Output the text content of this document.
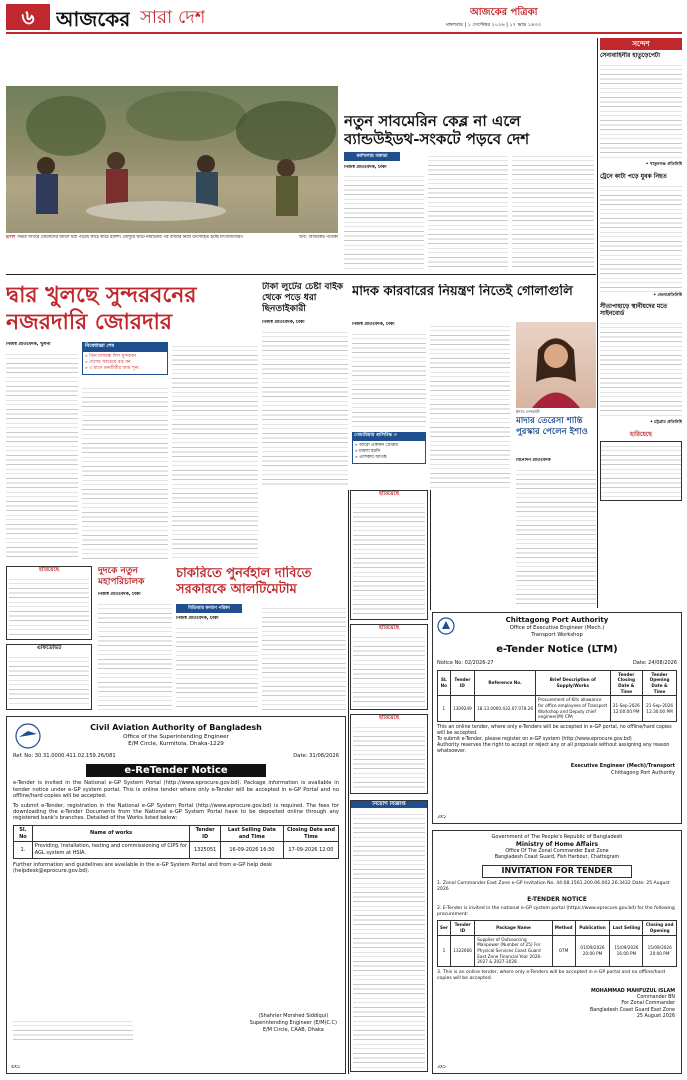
৬	আজকের সারা দেশ	আজকের পত্রিকা
মঙ্গলবার | ১ সেপ্টেম্বর ২০২৬ | ১৭ ভাদ্র ১৪৩৩
সন্দেশ
সেনাবাহিনীর হাতুড়েপেটা
• খাতুনগঞ্জ প্রতিনিধি
ট্রেনে কাটা পড়ে যুবক নিহত
• জেলাপ্রতিনিধি
সীতাপাহাড়ে স্থানীয়দের মতে সাইনবোর্ড
• চট্টগ্রাম প্রতিনিধি
হারিয়েছে
ইলিশ গভীর সাগরে জেলেদের জালে ধরা পড়ছে কাঁচে কাঁচে ইলিশ। মৌসুমে ঘাটে নামানোর পর বাজার নিয়ে উৎসাহিত হচ্ছে মৎস্যজীবীরা।	ছবি: আজকের পত্রিকা
নতুন সাবমেরিন কেব্ল না এলে
ব্যান্ডউইডথ-সংকটে পড়বে দেশ
কর্মশালায় বক্তারা
নিজস্ব প্রতিবেদক, ঢাকা
দ্বার খুলছে সুন্দরবনের
নজরদারি জোরদার
টাকা লুটের চেষ্টা বাইক থেকে পড়ে ধরা ছিনতাইকারী
নিজস্ব প্রতিবেদক, ঢাকা
মাদক কারবারের নিয়ন্ত্রণ নিতেই গোলাগুলি
নিজস্ব প্রতিবেদক, ঢাকা
গেন্ডারিয়ায় গুলিবিদ্ধ ৩
» আরো একজন গ্রেপ্তার
» মামলা হয়নি
» এলাকায় আতঙ্ক
ইশাও দেশকাস্ট
মাদার তেরেসা শান্তি পুরস্কার পেলেন ইশাও
বিনোদন প্রতিবেদক
নিজস্ব প্রতিবেদক, খুলনা	নিষেধাজ্ঞা শেষ
» তিন মাসবন্ধ দিল সুন্দরবন
» দেশের সবচেয়ে বড় বন
» ৩ মাসে বনজীবীর আয় শূন্য
হারিয়েছে
এফিডেভিট
দুদকে নতুন মহাপরিচালক
নিজস্ব প্রতিবেদক, ঢাকা
চাকরিতে পুনর্বহাল দাবিতে সরকারকে আলটিমেটাম
বিডিআর কল্যাণ পরিষদ
নিজস্ব প্রতিবেদক, ঢাকা
হারিয়েছে
হারিয়েছে
হারিয়েছে
নিয়োগ বিজ্ঞপ্তি
Chittagong Port Authority
Office of Executive Engineer (Mech.)
Transport Workshop
e-Tender Notice (LTM)
Notice No: 02/2026-27	Date: 24/08/2026
SL No	Tender ID	Reference No.	Brief Description of Supply/Works	Tender Closing Date & Time	Tender Opening Date & Time
1	1309249	18.13.0000.432.07.078.26	Procurement of Kits allowance for office employees of Transport Workshop and Deputy chief engineer(M) CPA	21-Sep-2026 12:00:00 PM	21-Sep-2026 12:30:00 PM
This an online tender, where only e-Tenders will be accepted in e-GP portal, no offline/hard copies will be accepted.
To submit e-Tender, please register on e-GP system (http://www.eprocure.gov.bd)
Authority reserves the right to accept or reject any or all proposals without assigning any reason whatsoever.
Executive Engineer (Mech)/Transport
Chittagong Port Authority
3X5
Government of The People's Republic of Bangladesh
Ministry of Home Affairs
Office Of The Zonal Commander East Zone
Bangladesh Coast Guard, Fish Harbour, Chattogram
INVITATION FOR TENDER
1. Zonal Commander East Zone e-GP Invitation No. 44.08.1561.200.06.002.26.3432 Date: 25 August 2026
E-TENDER NOTICE
2. E-Tender is invited in the national e-GP system portal (https://www.eprocure.gov.bd) for the following procurement:
Ser	Tender ID	Package Name	Method	Publication	Last Selling	Closing and Opening
1	1322666	Supplier of Outsourcing Manpower (Number of 25) For Physical Services Coast Guard East Zone Financial Year 2026-2027 & 2027-2028.	OTM	01/09/2026 20:00 PM	15/09/2026 16:00 PM	15/09/2026 20:00 PM
3. This is an online tender, where only e-Tenders will be accepted in e-GP portal and no offline/hard copies will be accepted.
MOHAMMAD MAHFUZUL ISLAM
Commander BN
For Zonal Commander
Bangladesh Coast Guard East Zone
25 August 2026
3X5
Civil Aviation Authority of Bangladesh
Office of the Superintending Engineer
E/M Circle, Kurmitola, Dhaka-1229
Ref. No: 30.31.0000.411.02.159.26/081	Date: 31/08/2026
e-ReTender Notice
e-Tender is invited in the National e-GP System Portal (http://www.eprocure.gov.bd). Package information is available in tender notice under e-GP system portal. This is online tender where only e-Tender will be accepted in e-GP Portal and no offline/hard copies will be accepted.
To submit e-Tender, registration in the National e-GP System Portal (http://www.eprocure.gov.bd) is required. The fees for downloading the e-Tender Documents from the National e-GP System Portal have to be deposited online through any registered bank's branches. Detailed of the Works listed below:
Sl. No	Name of works	Tender ID	Last Selling Date and Time	Closing Date and Time
1.	Providing, Installation, testing and commissioning of CIPS for AGL system at HSIA.	1325051	16-09-2026 16:30	17-09-2026 12:00
Further information and guidelines are available in the e-GP System Portal and from e-GP help desk (helpdesk@eprocure.gov.bd).
(Shahrier Morshed Siddiqui)
Superintending Engineer (E/M)C.C)
E/M Circle, CAAB, Dhaka
4X5
